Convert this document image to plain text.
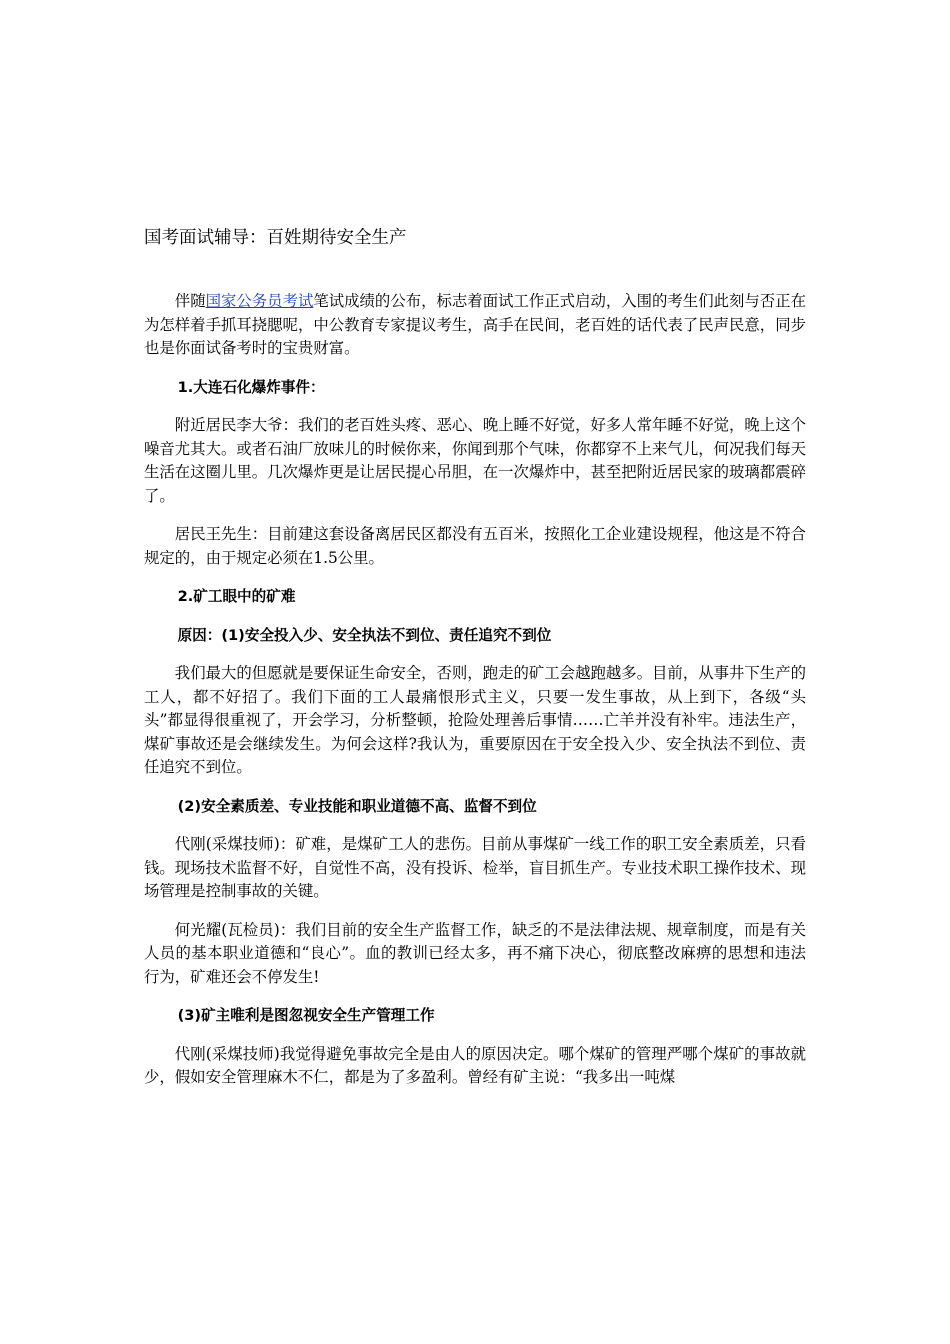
国考面试辅导：百姓期待安全生产

伴随国家公务员考试笔试成绩的公布，标志着面试工作正式启动，入围的考生们此刻与否正在为怎样着手抓耳挠腮呢，中公教育专家提议考生，高手在民间，老百姓的话代表了民声民意，同步也是你面试备考时的宝贵财富。

1.大连石化爆炸事件：

附近居民李大爷：我们的老百姓头疼、恶心、晚上睡不好觉，好多人常年睡不好觉，晚上这个噪音尤其大。或者石油厂放味儿的时候你来，你闻到那个气味，你都穿不上来气儿，何况我们每天生活在这圈儿里。几次爆炸更是让居民提心吊胆，在一次爆炸中，甚至把附近居民家的玻璃都震碎了。

居民王先生：目前建这套设备离居民区都没有五百米，按照化工企业建设规程，他这是不符合规定的，由于规定必须在1.5公里。

2.矿工眼中的矿难

原因：(1)安全投入少、安全执法不到位、责任追究不到位

我们最大的但愿就是要保证生命安全，否则，跑走的矿工会越跑越多。目前，从事井下生产的工人，都不好招了。我们下面的工人最痛恨形式主义，只要一发生事故，从上到下，各级“头头”都显得很重视了，开会学习，分析整顿，抢险处理善后事情……亡羊并没有补牢。违法生产，煤矿事故还是会继续发生。为何会这样?我认为，重要原因在于安全投入少、安全执法不到位、责任追究不到位。

(2)安全素质差、专业技能和职业道德不高、监督不到位

代刚(采煤技师)：矿难，是煤矿工人的悲伤。目前从事煤矿一线工作的职工安全素质差，只看钱。现场技术监督不好，自觉性不高，没有投诉、检举，盲目抓生产。专业技术职工操作技术、现场管理是控制事故的关键。

何光耀(瓦检员)：我们目前的安全生产监督工作，缺乏的不是法律法规、规章制度，而是有关人员的基本职业道德和“良心”。血的教训已经太多，再不痛下决心，彻底整改麻痹的思想和违法行为，矿难还会不停发生!

(3)矿主唯利是图忽视安全生产管理工作

代刚(采煤技师)我觉得避免事故完全是由人的原因决定。哪个煤矿的管理严哪个煤矿的事故就少，假如安全管理麻木不仁，都是为了多盈利。曾经有矿主说：“我多出一吨煤
